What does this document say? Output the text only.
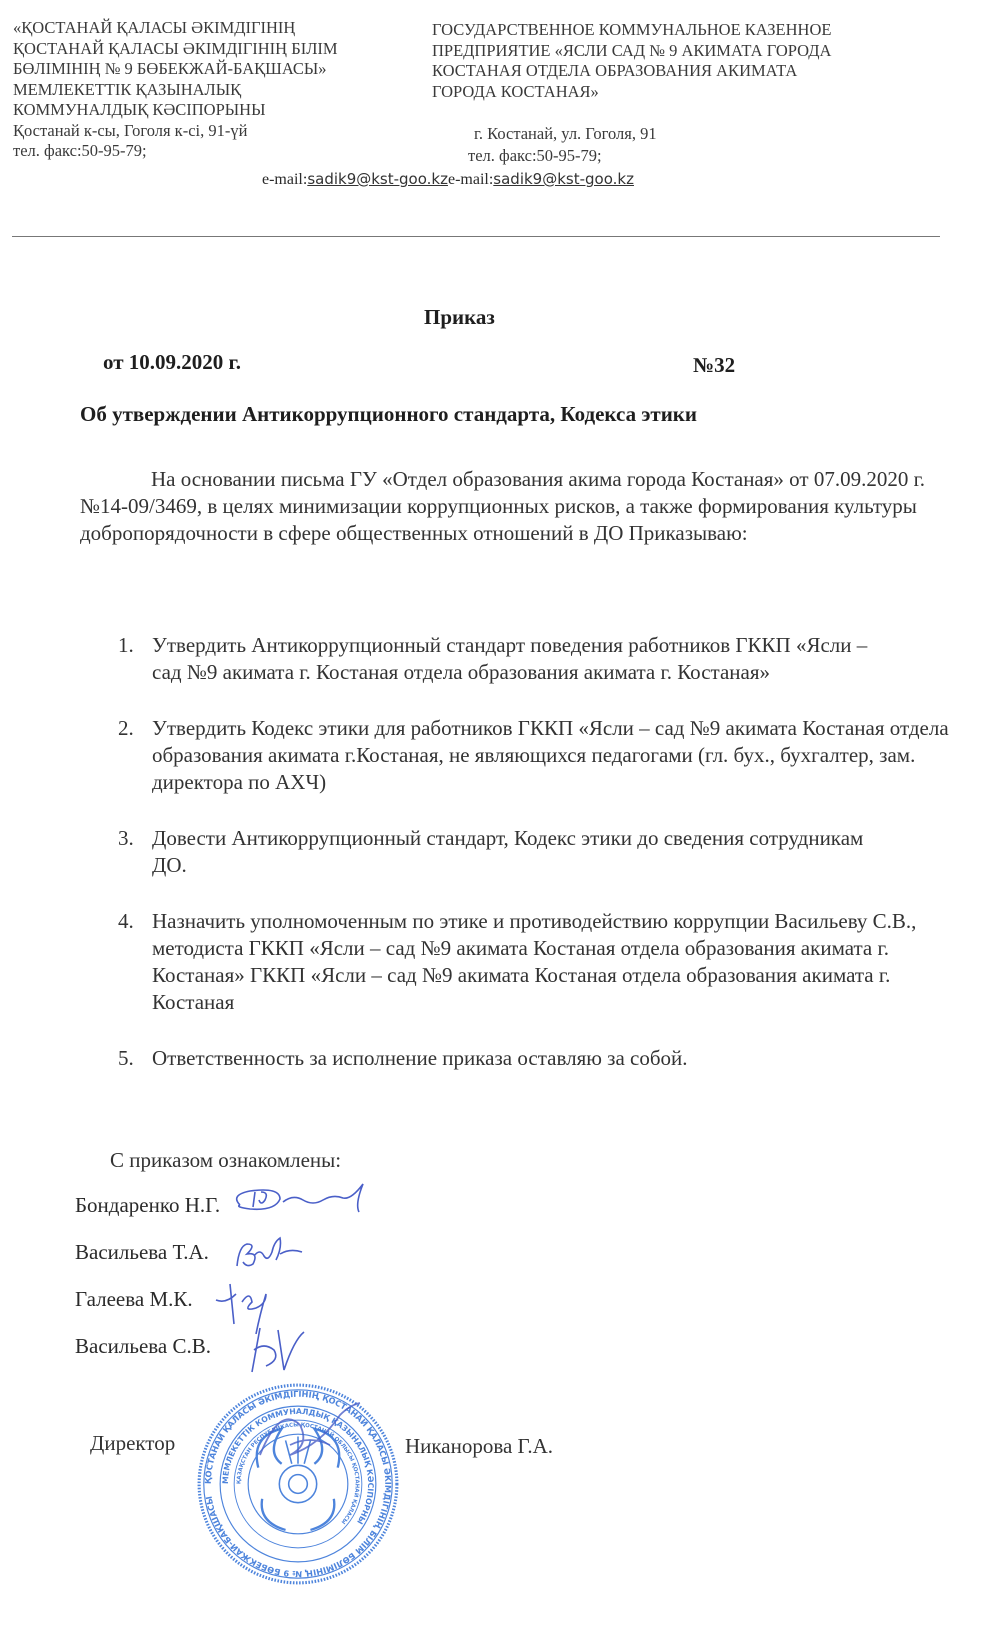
«ҚОСТАНАЙ ҚАЛАСЫ ӘКІМДІГІНІҢ
ҚОСТАНАЙ ҚАЛАСЫ ӘКІМДІГІНІҢ БІЛІМ
БӨЛІМІНІҢ № 9 БӨБЕКЖАЙ-БАҚШАСЫ»
МЕМЛЕКЕТТІК ҚАЗЫНАЛЫҚ
КОММУНАЛДЫҚ КӘСІПОРЫНЫ
Қостанай к-сы, Гоголя к-сі, 91-үй
тел. факс:50-95-79;
ГОСУДАРСТВЕННОЕ КОММУНАЛЬНОЕ КАЗЕННОЕ
ПРЕДПРИЯТИЕ «ЯСЛИ САД № 9 АКИМАТА ГОРОДА
КОСТАНАЯ ОТДЕЛА ОБРАЗОВАНИЯ АКИМАТА
ГОРОДА КОСТАНАЯ»
г. Костанай, ул. Гоголя, 91
тел. факс:50-95-79;
e-mail:sadik9@kst-goo.kze-mail:sadik9@kst-goo.kz
Приказ
от 10.09.2020 г.	№32
Об утверждении Антикоррупционного стандарта, Кодекса этики

На основании письма ГУ «Отдел образования акима города Костаная» от 07.09.2020 г. №14-09/3469, в целях минимизации коррупционных рисков, а также формирования культуры добропорядочности в сфере общественных отношений в ДО Приказываю:

1. Утвердить Антикоррупционный стандарт поведения работников ГККП «Ясли – сад №9 акимата г. Костаная отдела образования акимата г. Костаная»
2. Утвердить Кодекс этики для работников ГККП «Ясли – сад №9 акимата Костаная отдела образования акимата г.Костаная, не являющихся педагогами (гл. бух., бухгалтер, зам. директора по АХЧ)
3. Довести Антикоррупционный стандарт, Кодекс этики до сведения сотрудникам ДО.
4. Назначить уполномоченным по этике и противодействию коррупции Васильеву С.В., методиста ГККП «Ясли – сад №9 акимата Костаная отдела образования акимата г. Костаная» ГККП «Ясли – сад №9 акимата Костаная отдела образования акимата г. Костаная
5. Ответственность за исполнение приказа оставляю за собой.
С приказом ознакомлены:
Бондаренко Н.Г.
Васильева Т.А.
Галеева М.К.
Васильева С.В.
ҚОСТАНАЙ ҚАЛАСЫ ӘКІМДІГІНІҢ ҚОСТАНАЙ ҚАЛАСЫ ӘКІМДІГІНІҢ БІЛІМ БӨЛІМІНІҢ № 9 БӨБЕКЖАЙ-БАҚШАСЫ
МЕМЛЕКЕТТІК КОММУНАЛДЫҚ ҚАЗЫНАЛЫҚ КӘСІПОРНЫ
ҚАЗАҚСТАН РЕСПУБЛИКАСЫ ҚОСТАНАЙ ОБЛЫСЫ ҚОСТАНАЙ ҚАЛАСЫ
Директор	Никанорова Г.А.
